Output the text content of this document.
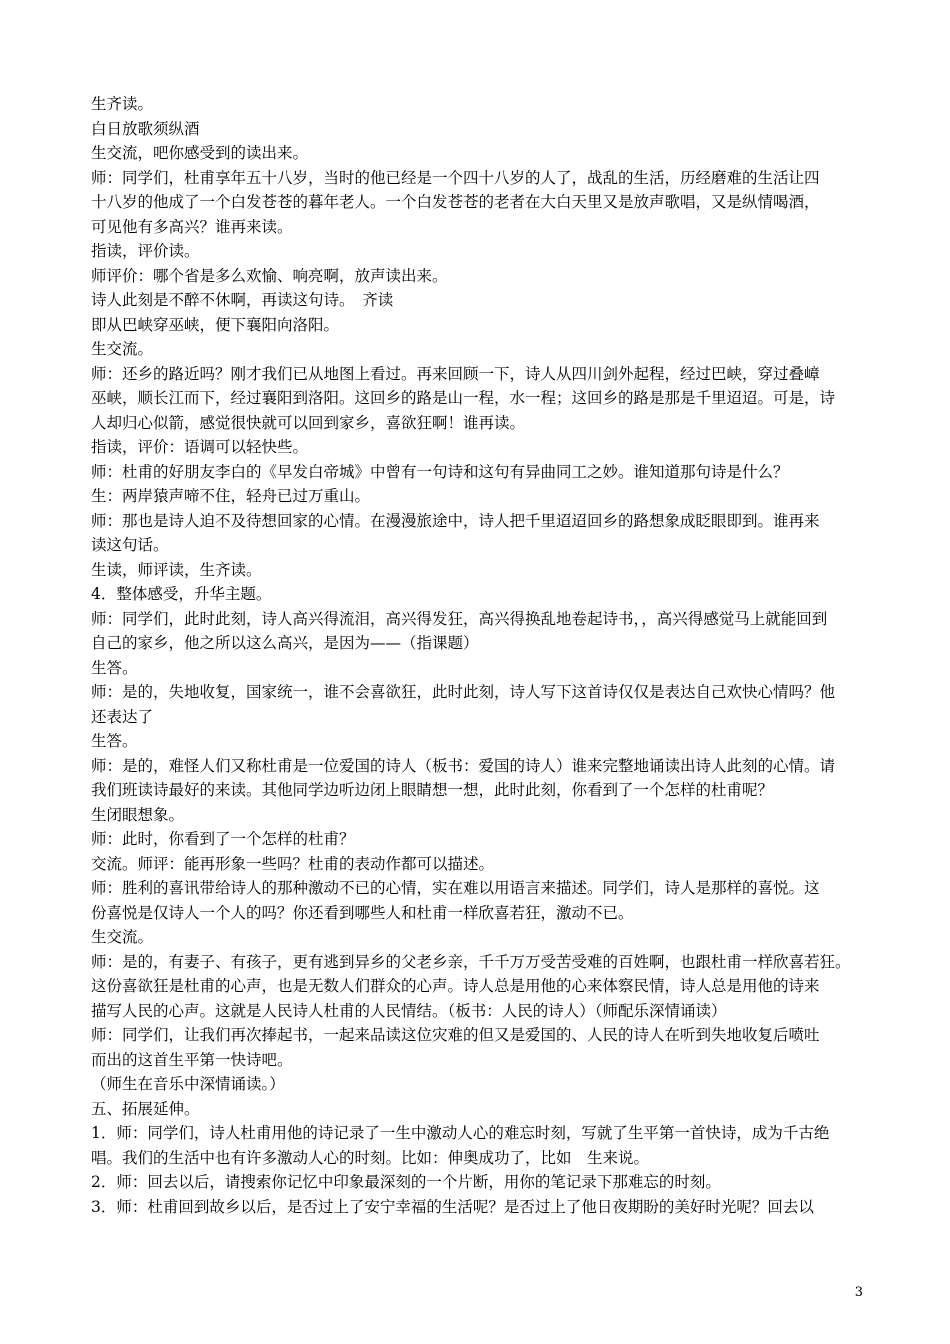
生齐读。
白日放歌须纵酒
生交流，吧你感受到的读出来。
师：同学们，杜甫享年五十八岁，当时的他已经是一个四十八岁的人了，战乱的生活，历经磨难的生活让四
十八岁的他成了一个白发苍苍的暮年老人。一个白发苍苍的老者在大白天里又是放声歌唱，又是纵情喝酒，
可见他有多高兴？谁再来读。
指读，评价读。
师评价：哪个省是多么欢愉、响亮啊，放声读出来。
诗人此刻是不醉不休啊，再读这句诗。　齐读
即从巴峡穿巫峡，便下襄阳向洛阳。
生交流。
师：还乡的路近吗？刚才我们已从地图上看过。再来回顾一下，诗人从四川剑外起程，经过巴峡，穿过叠嶂
巫峡，顺长江而下，经过襄阳到洛阳。这回乡的路是山一程，水一程；这回乡的路是那是千里迢迢。可是，诗
人却归心似箭，感觉很快就可以回到家乡，喜欲狂啊！谁再读。
指读，评价：语调可以轻快些。
师：杜甫的好朋友李白的《早发白帝城》中曾有一句诗和这句有异曲同工之妙。谁知道那句诗是什么？
生：两岸猿声啼不住，轻舟已过万重山。
师：那也是诗人迫不及待想回家的心情。在漫漫旅途中，诗人把千里迢迢回乡的路想象成眨眼即到。谁再来
读这句话。
生读，师评读，生齐读。
4．整体感受，升华主题。
师：同学们，此时此刻，诗人高兴得流泪，高兴得发狂，高兴得换乱地卷起诗书，，高兴得感觉马上就能回到
自己的家乡，他之所以这么高兴，是因为——（指课题）
生答。
师：是的，失地收复，国家统一，谁不会喜欲狂，此时此刻，诗人写下这首诗仅仅是表达自己欢快心情吗？他
还表达了
生答。
师：是的，难怪人们又称杜甫是一位爱国的诗人（板书：爱国的诗人）谁来完整地诵读出诗人此刻的心情。请
我们班读诗最好的来读。其他同学边听边闭上眼睛想一想，此时此刻，你看到了一个怎样的杜甫呢？
生闭眼想象。
师：此时，你看到了一个怎样的杜甫？
交流。师评：能再形象一些吗？杜甫的表动作都可以描述。
师：胜利的喜讯带给诗人的那种激动不已的心情，实在难以用语言来描述。同学们，诗人是那样的喜悦。这
份喜悦是仅诗人一个人的吗？你还看到哪些人和杜甫一样欣喜若狂，激动不已。
生交流。
师：是的，有妻子、有孩子，更有逃到异乡的父老乡亲，千千万万受苦受难的百姓啊，也跟杜甫一样欣喜若狂。
这份喜欲狂是杜甫的心声，也是无数人们群众的心声。诗人总是用他的心来体察民情，诗人总是用他的诗来
描写人民的心声。这就是人民诗人杜甫的人民情结。（板书：人民的诗人）（师配乐深情诵读）
师：同学们，让我们再次捧起书，一起来品读这位灾难的但又是爱国的、人民的诗人在听到失地收复后喷吐
而出的这首生平第一快诗吧。
（师生在音乐中深情诵读。）
五、拓展延伸。
1．师：同学们，诗人杜甫用他的诗记录了一生中激动人心的难忘时刻，写就了生平第一首快诗，成为千古绝
唱。我们的生活中也有许多激动人心的时刻。比如：伸奥成功了，比如　生来说。
2．师：回去以后，请搜索你记忆中印象最深刻的一个片断，用你的笔记录下那难忘的时刻。
3．师：杜甫回到故乡以后，是否过上了安宁幸福的生活呢？是否过上了他日夜期盼的美好时光呢？回去以
3
